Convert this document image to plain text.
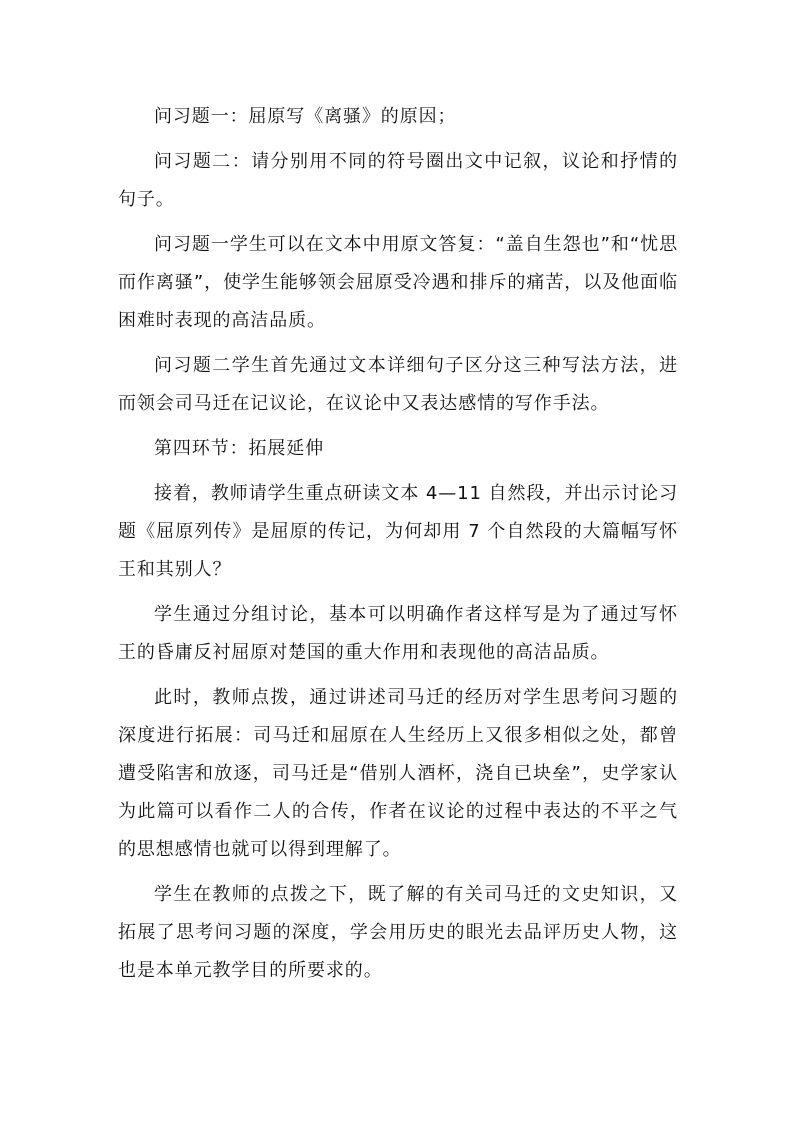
问习题一：屈原写《离骚》的原因；

问习题二：请分别用不同的符号圈出文中记叙，议论和抒情的句子。

问习题一学生可以在文本中用原文答复：“盖自生怨也”和“忧思而作离骚”，使学生能够领会屈原受冷遇和排斥的痛苦，以及他面临困难时表现的高洁品质。

问习题二学生首先通过文本详细句子区分这三种写法方法，进而领会司马迁在记议论，在议论中又表达感情的写作手法。

第四环节：拓展延伸

接着，教师请学生重点研读文本 4—11 自然段，并出示讨论习题《屈原列传》是屈原的传记，为何却用 7 个自然段的大篇幅写怀王和其别人？

学生通过分组讨论，基本可以明确作者这样写是为了通过写怀王的昏庸反衬屈原对楚国的重大作用和表现他的高洁品质。

此时，教师点拨，通过讲述司马迁的经历对学生思考问习题的深度进行拓展：司马迁和屈原在人生经历上又很多相似之处，都曾遭受陷害和放逐，司马迁是“借别人酒杯，浇自已块垒”，史学家认为此篇可以看作二人的合传，作者在议论的过程中表达的不平之气的思想感情也就可以得到理解了。

学生在教师的点拨之下，既了解的有关司马迁的文史知识，又拓展了思考问习题的深度，学会用历史的眼光去品评历史人物，这也是本单元教学目的所要求的。
